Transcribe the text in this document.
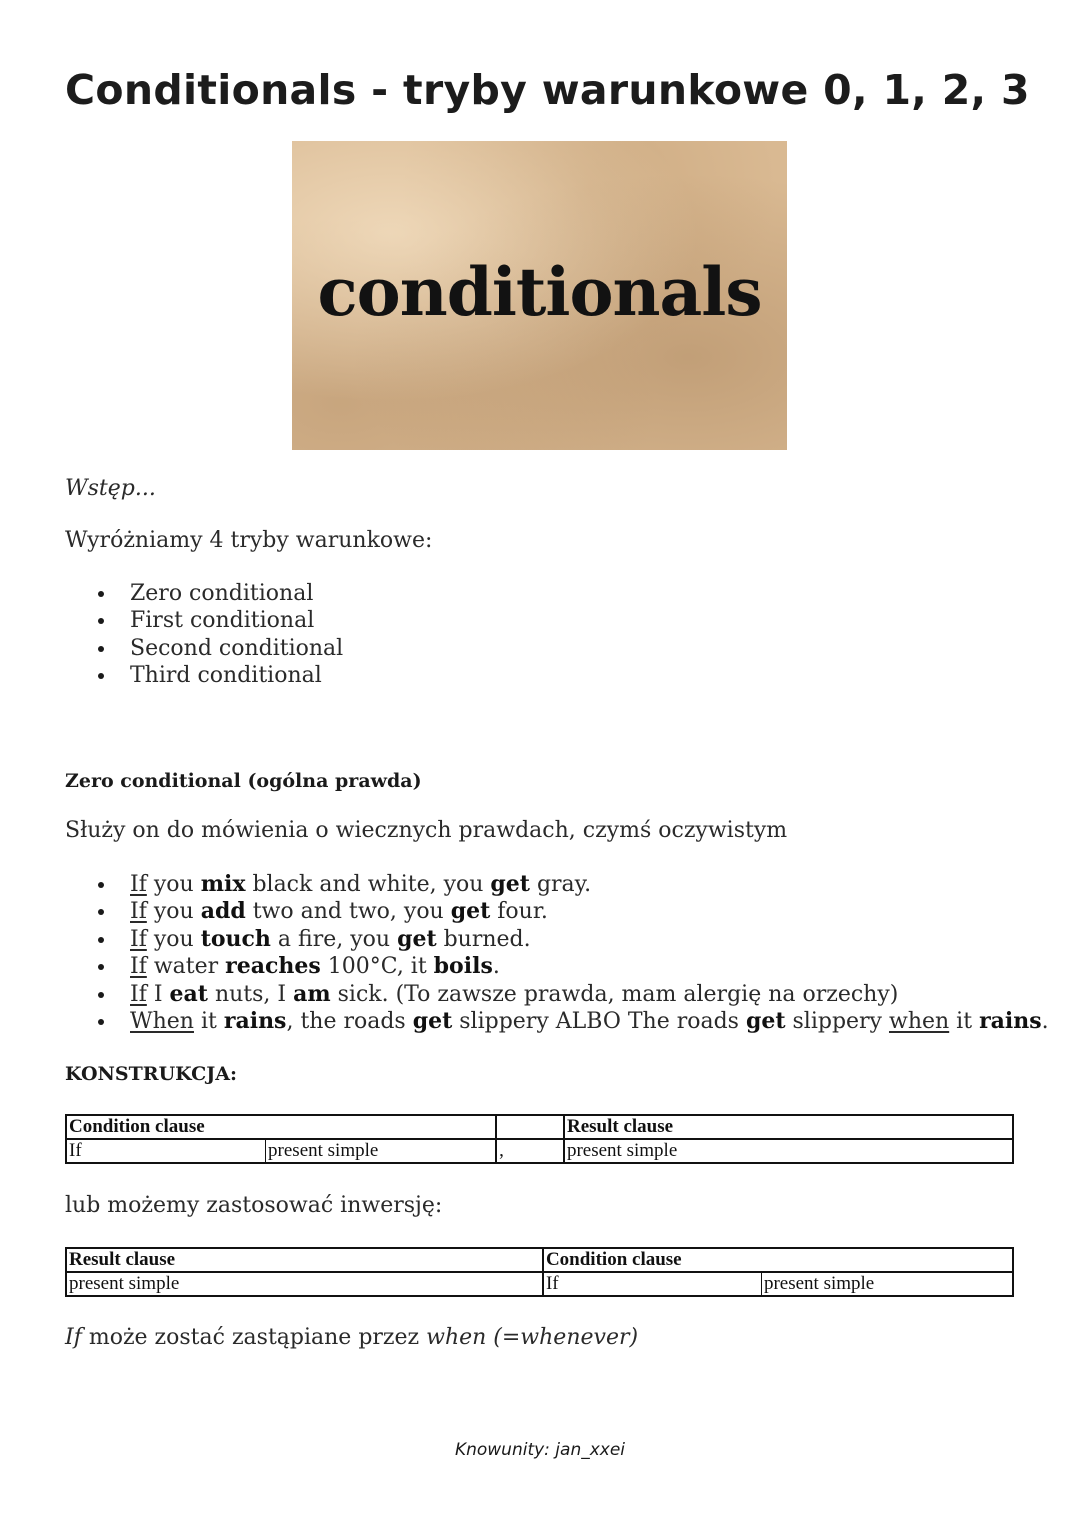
Conditionals - tryby warunkowe 0, 1, 2, 3
conditionals
Wstęp...
Wyróżniamy 4 tryby warunkowe:
Zero conditional
First conditional
Second conditional
Third conditional
Zero conditional (ogólna prawda)
Służy on do mówienia o wiecznych prawdach, czymś oczywistym
If you mix black and white, you get gray.
If you add two and two, you get four.
If you touch a fire, you get burned.
If water reaches 100°C, it boils.
If I eat nuts, I am sick. (To zawsze prawda, mam alergię na orzechy)
When it rains, the roads get slippery ALBO The roads get slippery when it rains.
KONSTRUKCJA:
Condition clause			Result clause
If	present simple	,	present simple
lub możemy zastosować inwersję:
Result clause	Condition clause	
present simple	If	present simple
If może zostać zastąpiane przez when (=whenever)
Knowunity: jan_xxei
